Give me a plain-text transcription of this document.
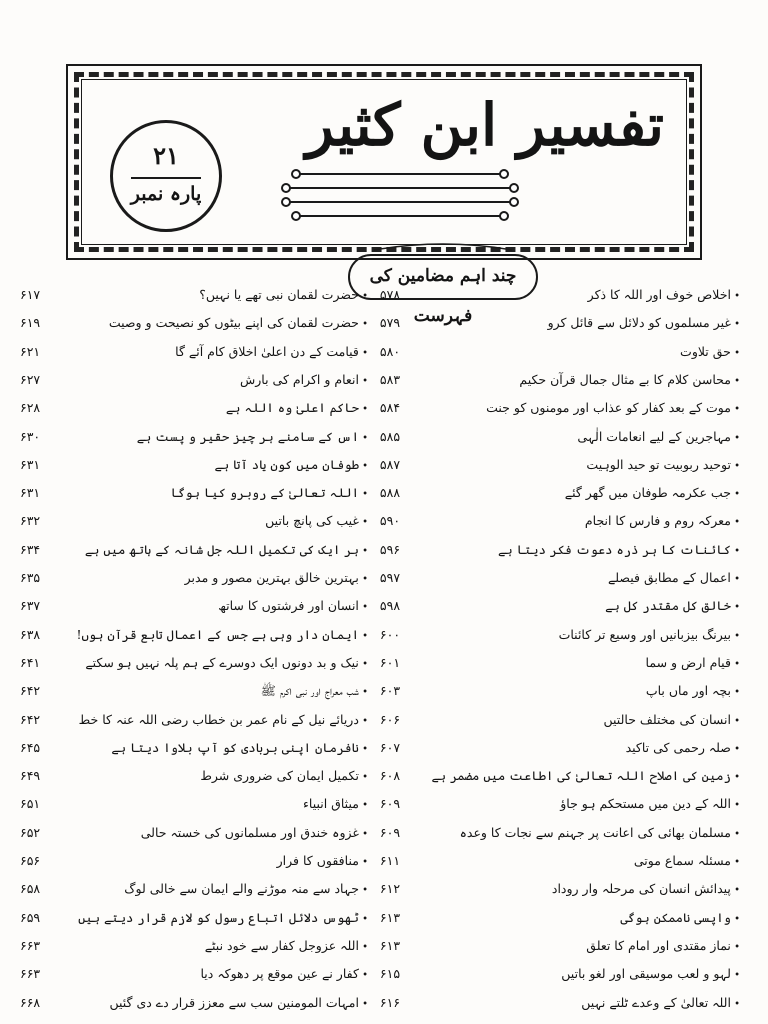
تفسیر ابن کثیر
۲۱
پارہ نمبر
چند اہم مضامین کی فہرست
• اخلاص خوف اور اللہ کا ذکر
۵۷۸
• حضرت لقمان نبی تھے یا نہیں؟
۶۱۷
• غیر مسلموں کو دلائل سے قائل کرو
۵۷۹
• حضرت لقمان کی اپنے بیٹوں کو نصیحت و وصیت
۶۱۹
• حق تلاوت
۵۸۰
• قیامت کے دن اعلیٰ اخلاق کام آئے گا
۶۲۱
• محاسن کلام کا بے مثال جمال قرآن حکیم
۵۸۳
• انعام و اکرام کی بارش
۶۲۷
• موت کے بعد کفار کو عذاب اور مومنوں کو جنت
۵۸۴
• حاکم اعلیٰ وہ اللہ ہے
۶۲۸
• مہاجرین کے لیے انعامات الٰہی
۵۸۵
• اس کے سامنے ہر چیز حقیر و پست ہے
۶۳۰
• توحید ربوبیت تو حید الوہیت
۵۸۷
• طوفان میں کون یاد آتا ہے
۶۳۱
• جب عکرمہ طوفان میں گھر گئے
۵۸۸
• اللہ تعالیٰ کے روبرو کیا ہوگا
۶۳۱
• معرکہ روم و فارس کا انجام
۵۹۰
• غیب کی پانچ باتیں
۶۳۲
• کائنات کا ہر ذرہ دعوت فکر دیتا ہے
۵۹۶
• ہر ایک کی تکمیل اللہ جل شانہ کے ہاتھ میں ہے
۶۳۴
• اعمال کے مطابق فیصلے
۵۹۷
• بہترین خالق بہترین مصور و مدبر
۶۳۵
• خالق کل مقتدر کل ہے
۵۹۸
• انسان اور فرشتوں کا ساتھ
۶۳۷
• بیرنگ بیزبانیں اور وسیع تر کائنات
۶۰۰
• ایمان دار وہی ہے جس کے اعمال تابع قرآن ہوں!
۶۳۸
• قیام ارض و سما
۶۰۱
• نیک و بد دونوں ایک دوسرے کے ہم پلہ نہیں ہو سکتے
۶۴۱
• بچہ اور ماں باپ
۶۰۳
• شب معراج اور نبی اکرم ﷺ
۶۴۲
• انسان کی مختلف حالتیں
۶۰۶
• دریائے نیل کے نام عمر بن خطاب رضی اللہ عنہ کا خط
۶۴۲
• صلہ رحمی کی تاکید
۶۰۷
• نافرمان اپنی بربادی کو آپ بلاوا دیتا ہے
۶۴۵
• زمین کی اصلاح اللہ تعالیٰ کی اطاعت میں مضمر ہے
۶۰۸
• تکمیل ایمان کی ضروری شرط
۶۴۹
• اللہ کے دین میں مستحکم ہو جاؤ
۶۰۹
• میثاق انبیاء
۶۵۱
• مسلمان بھائی کی اعانت پر جہنم سے نجات کا وعدہ
۶۰۹
• غزوہ خندق اور مسلمانوں کی خستہ حالی
۶۵۲
• مسئلہ سماع موتی
۶۱۱
• منافقوں کا فرار
۶۵۶
• پیدائش انسان کی مرحلہ وار روداد
۶۱۲
• جہاد سے منہ موڑنے والے ایمان سے خالی لوگ
۶۵۸
• واپسی ناممکن ہوگی
۶۱۳
• ٹھوس دلائل اتباع رسول کو لازم قرار دیتے ہیں
۶۵۹
• نماز مقتدی اور امام کا تعلق
۶۱۳
• اللہ عزوجل کفار سے خود نبٹے
۶۶۳
• لہو و لعب موسیقی اور لغو باتیں
۶۱۵
• کفار نے عین موقع پر دھوکہ دیا
۶۶۳
• اللہ تعالیٰ کے وعدے ٹلتے نہیں
۶۱۶
• امہات المومنین سب سے معزز قرار دے دی گئیں
۶۶۸
